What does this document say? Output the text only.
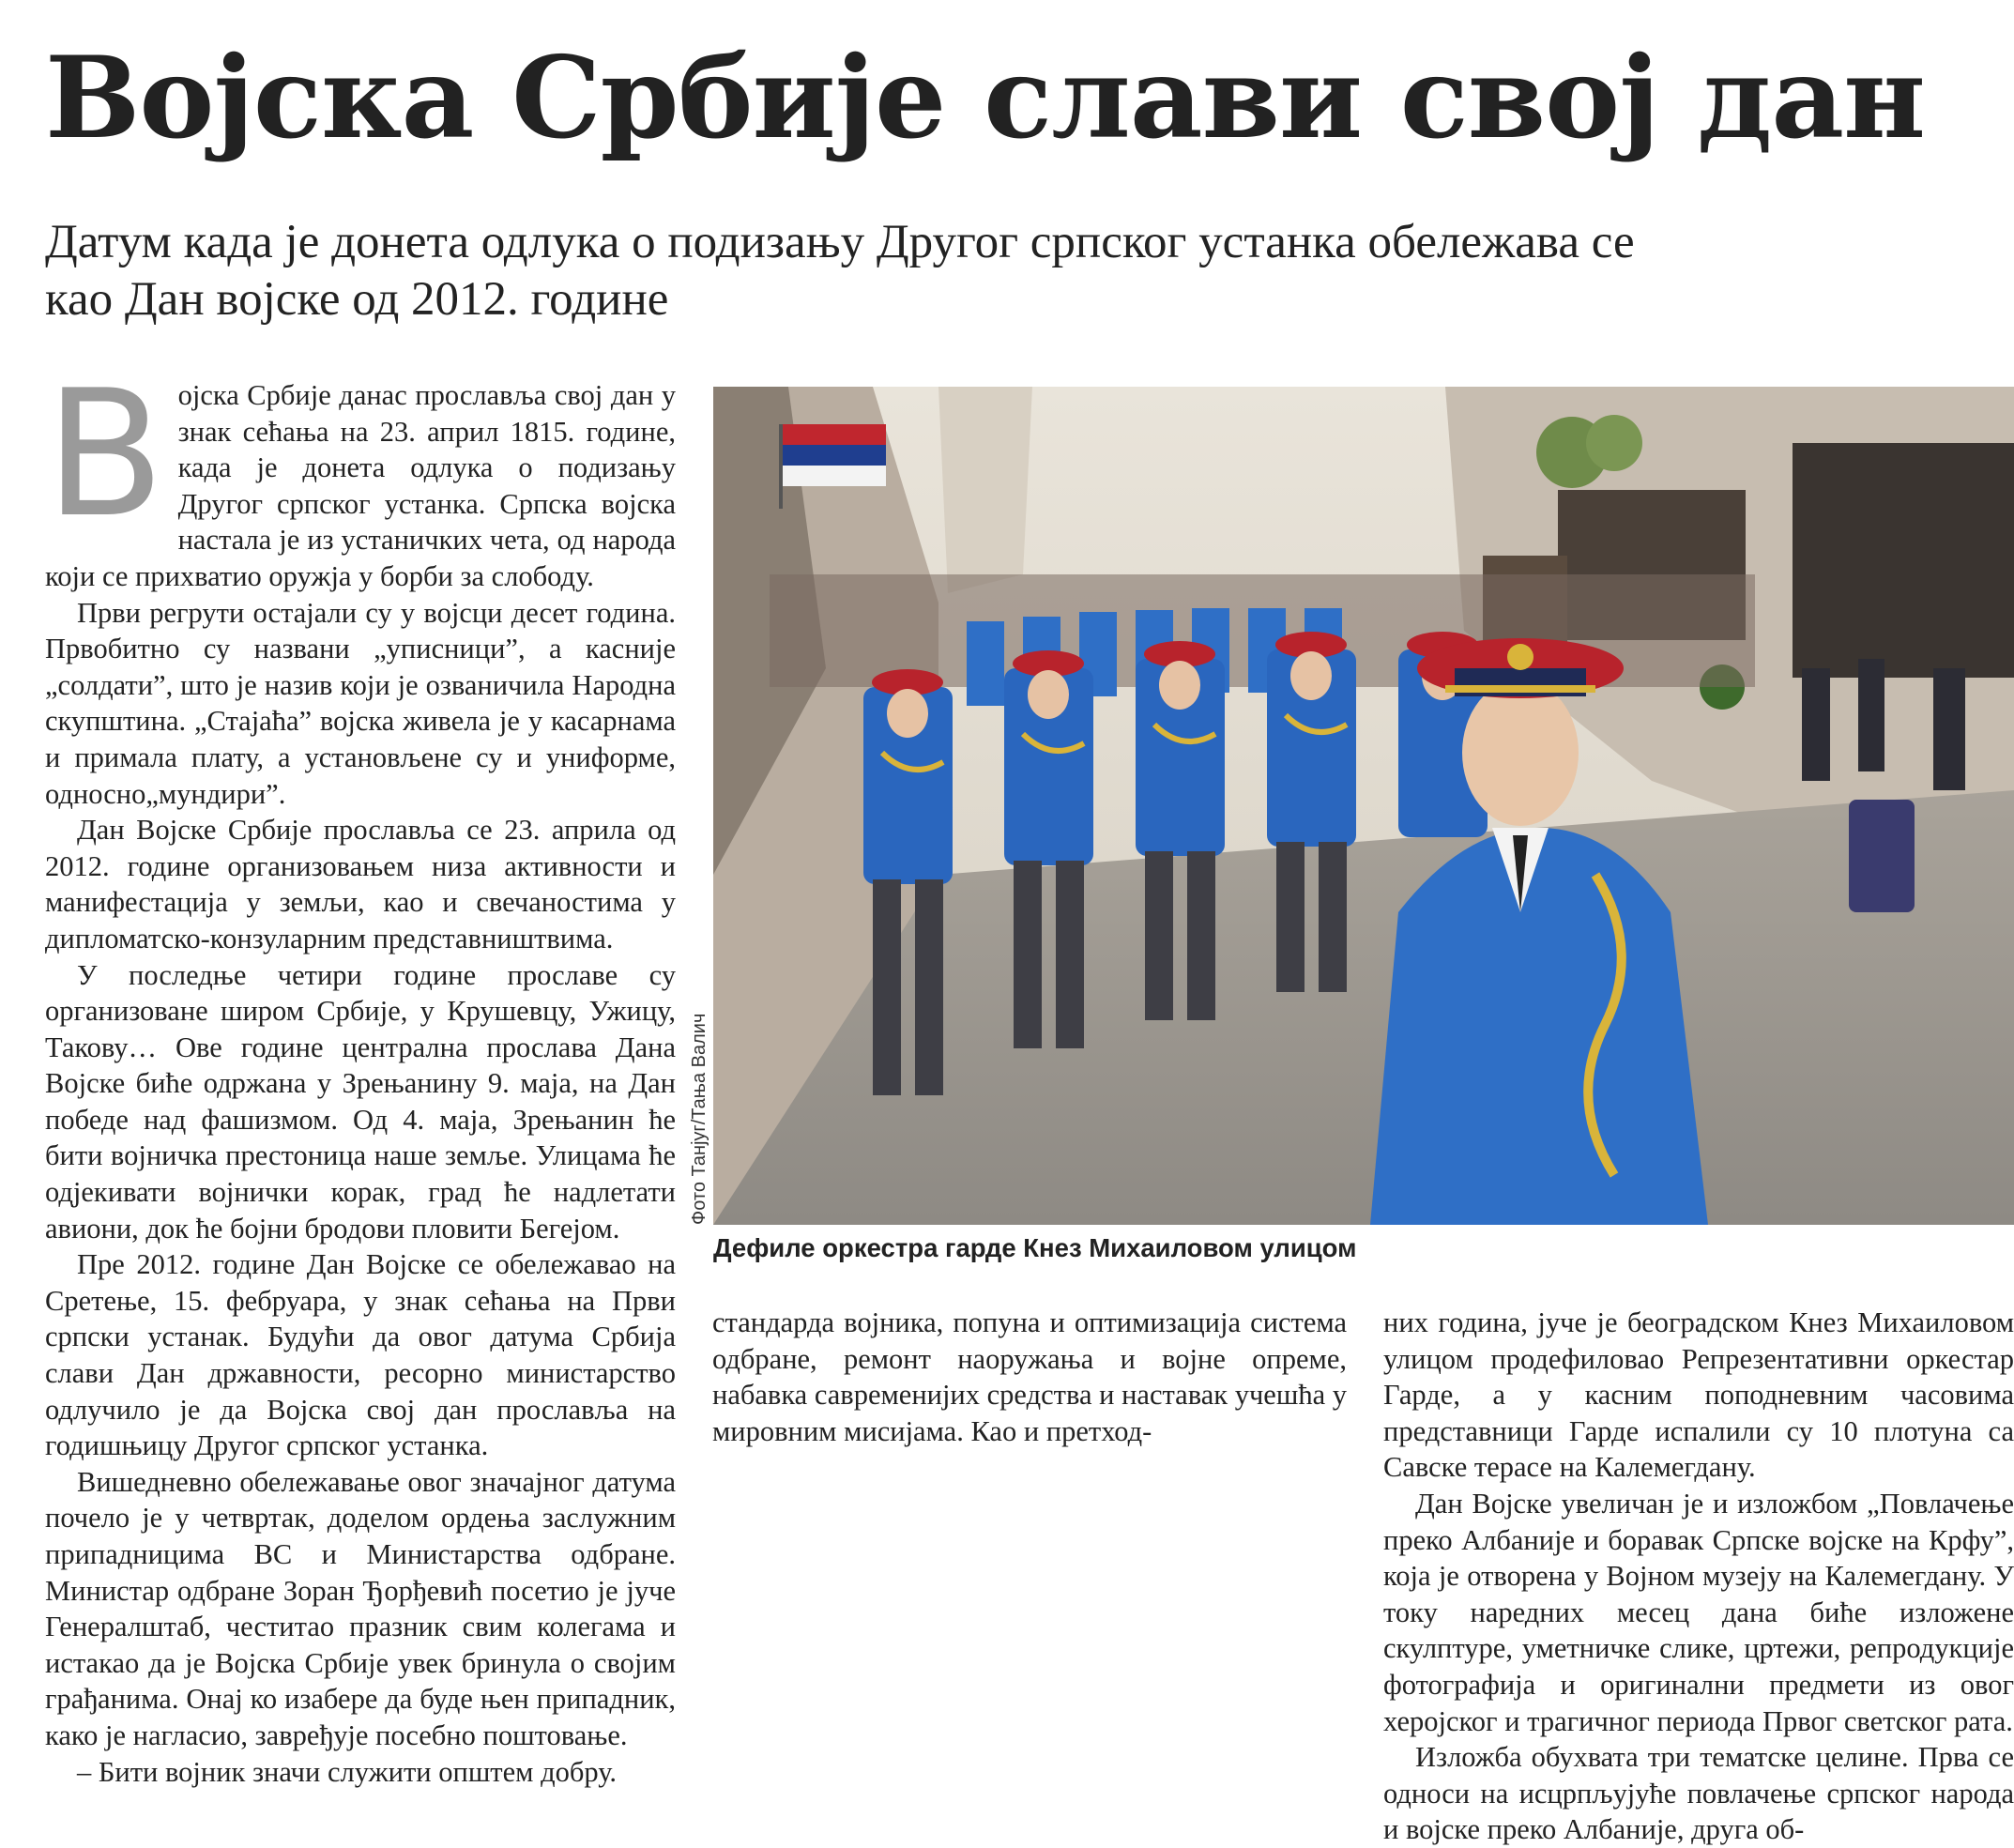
Војска Србије слави свој дан
Датум када је донета одлука о подизању Другог српског устанка обележава се као Дан војске од 2012. године

Војска Србије данас прославља свој дан у знак сећања на 23. април 1815. године, када је донета одлука о подизању Другог српског устанка. Српска војска настала је из устаничких чета, од народа који се прихватио оружја у борби за слободу.

Први регрути остајали су у војсци десет година. Првобитно су названи „уписници”, а касније „солдати”, што је назив који је озваничила Народна скупштина. „Стајаћа” војска живела је у касарнама и примала плату, а установљене су и униформе, односно„мундири”.

Дан Војске Србије прославља се 23. априла од 2012. године организовањем низа активности и манифестација у земљи, као и свечаностима у дипломатско-конзуларним представништвима.

У последње четири године прославе су организоване широм Србије, у Крушевцу, Ужицу, Такову… Ове године централна прослава Дана Војске биће одржана у Зрењанину 9. маја, на Дан победе над фашизмом. Од 4. маја, Зрењанин ће бити војничка престоница наше земље. Улицама ће одјекивати војнички корак, град ће надлетати авиони, док ће бојни бродови пловити Бегејом.

Пре 2012. године Дан Војске се обележавао на Сретење, 15. фебруара, у знак сећања на Први српски устанак. Будући да овог датума Србија слави Дан државности, ресорно министарство одлучило је да Војска свој дан прославља на годишњицу Другог српског устанка.

Вишедневно обележавање овог значајног датума почело је у четвртак, доделом ордења заслужним припадницима ВС и Министарства одбране. Министар одбране Зоран Ђорђевић посетио је јуче Генералштаб, честитао празник свим колегама и истакао да је Војска Србије увек бринула о својим грађанима. Онај ко изабере да буде њен припадник, како је нагласио, завређује посебно поштовање.

– Бити војник значи служити општем добру.

Фото Танјуг/Тања Валич
Дефиле оркестра гарде Кнез Михаиловом улицом

стандарда војника, попуна и оптимизација система одбране, ремонт наоружања и војне опреме, набавка савременијих средства и наставак учешћа у мировним мисијама. Као и претход-

них година, јуче је београдском Кнез Михаиловом улицом продефиловао Репрезентативни оркестар Гарде, а у касним поподневним часовима представници Гарде испалили су 10 плотуна са Савске терасе на Калемегдану.

Дан Војске увеличан је и изложбом „Повлачење преко Албаније и боравак Српске војске на Крфу”, која је отворена у Војном музеју на Калемегдану. У току наредних месец дана биће изложене скулптуре, уметничке слике, цртежи, репродукције фотографија и оригинални предмети из овог херојског и трагичног периода Првог светског рата.

Изложба обухвата три тематске целине. Прва се односи на исцрпљујуће повлачење српског народа и војске преко Албаније, друга об-
